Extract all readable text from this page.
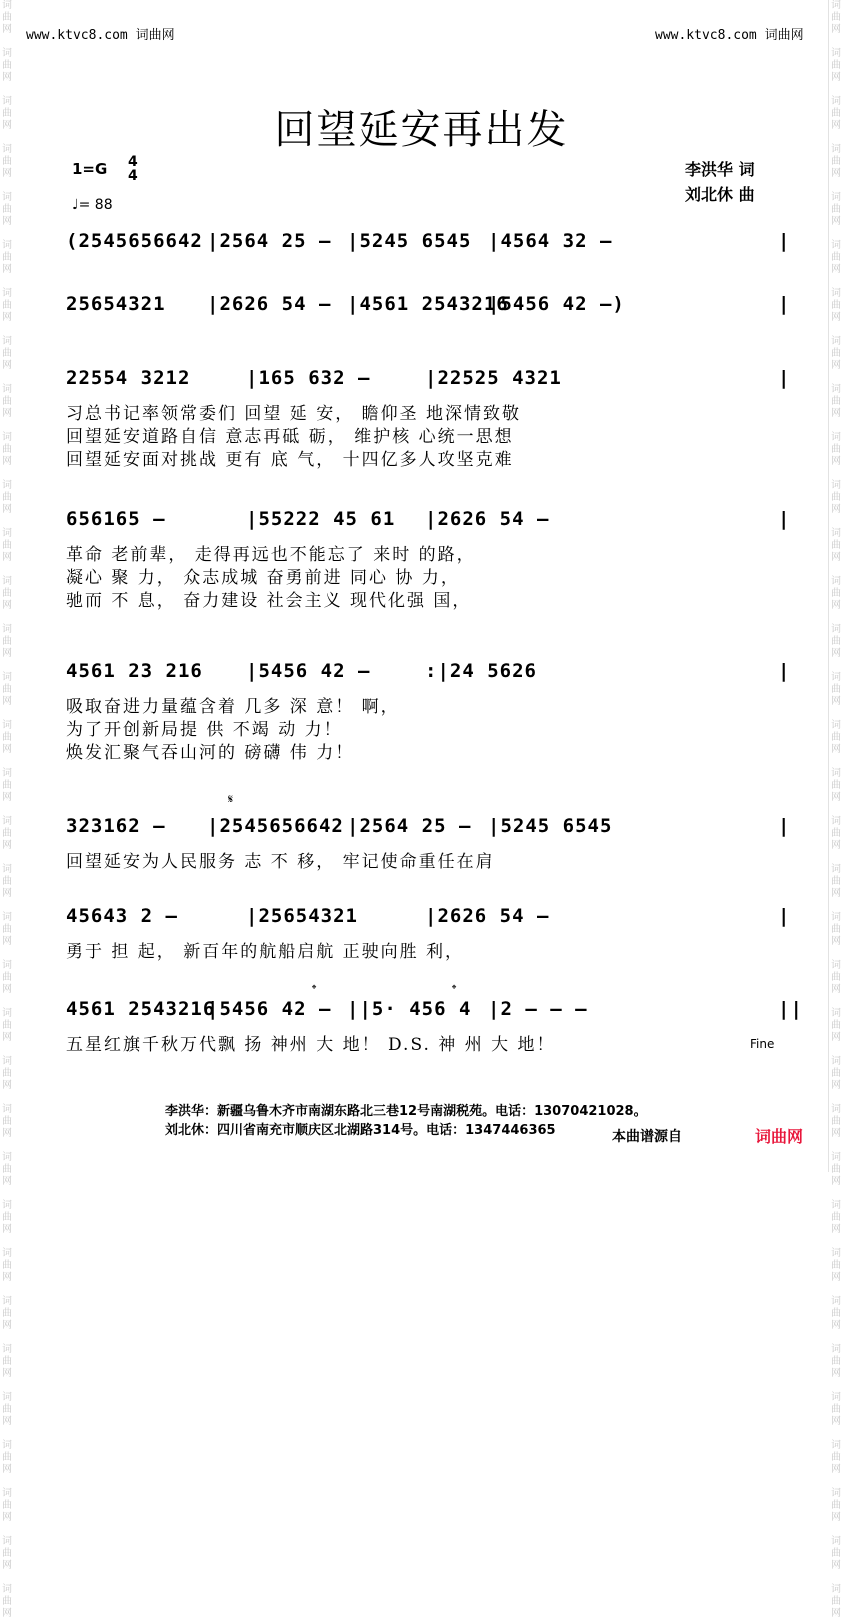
词
曲
网

词
曲
网

词
曲
网

词
曲
网

词
曲
网

词
曲
网

词
曲
网

词
曲
网

词
曲
网

词
曲
网

词
曲
网

词
曲
网

词
曲
网

词
曲
网

词
曲
网

词
曲
网

词
曲
网

词
曲
网

词
曲
网

词
曲
网

词
曲
网

词
曲
网

词
曲
网

词
曲
网

词
曲
网

词
曲
网

词
曲
网

词
曲
网

词
曲
网

词
曲
网

词
曲
网

词
曲
网

词
曲
网

词
曲
网

词
曲
网

词
曲
网

词
曲
网

词
曲
网

词
曲
网

词
曲
网

词
曲
网

词
曲
网

词
曲
网

词
曲
网

词
曲
网

词
曲
网

词
曲
网

词
曲
网

词
曲
网

词
曲
网

词
曲
网

词
曲
网

词
曲
网

词
曲
网

词
曲
网

词
曲
网

词
曲
网

词
曲
网

词
曲
网

词
曲
网

词
曲
网

词
曲
网

词
曲
网

词
曲
网

词
曲
网

词
曲
网

词
曲
网

词
曲
网

www.ktvc8.com 词曲网	www.ktvc8.com 词曲网
回望延安再出发
1=G 4
4
♩= 88
李洪华 词
刘北休 曲
(2545656642 |2564 25 – |5245 6545 |4564 32 –	|
25654321 |2626 54 – |4561 2543216
|5456 42 –)	|
22554 3212	|165 632 –	|22525 4321	|
习总书记率领常委们 回望 延 安， 瞻仰圣 地深情致敬
回望延安道路自信 意志再砥 砺， 维护核 心统一思想
回望延安面对挑战 更有 底 气， 十四亿多人攻坚克难
656165 –	|55222 45 61 |2626 54 –	|
革命 老前辈， 走得再远也不能忘了 来时 的路，
凝心 聚 力， 众志成城 奋勇前进 同心 协 力，
驰而 不 息， 奋力建设 社会主义 现代化强 国，
4561 23 216 |5456 42 –	:|24 5626	|
吸取奋进力量蕴含着 几多 深 意！ 啊，
为了开创新局提 供 不竭 动 力！
焕发汇聚气吞山河的 磅礴 伟 力！
323162 – |2545656642 |2564 25 – |5245 6545	|
回望延安为人民服务 志 不 移， 牢记使命重任在肩
45643 2 –	|25654321	|2626 54 –	|
勇于 担 起， 新百年的航船启航 正驶向胜 利，
4561 2543216
|5456 42 – ||5· 456 4 |2 – – –	||
五星红旗千秋万代飘 扬 神州 大 地！ D.S. 神 州 大 地！
𝄋
𝄌	𝄌
Fine
李洪华：新疆乌鲁木齐市南湖东路北三巷12号南湖税苑。电话：13070421028。
刘北休：四川省南充市顺庆区北湖路314号。电话：1347446365	本曲谱源自	词曲网
